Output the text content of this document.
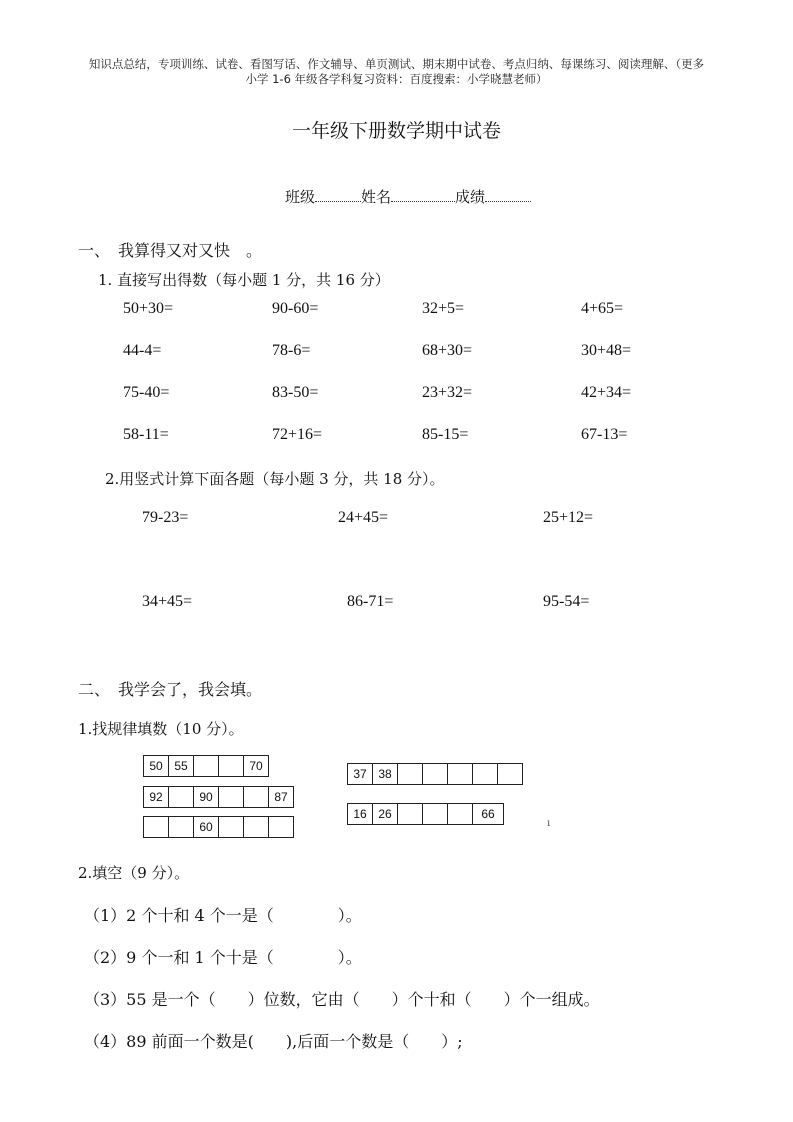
知识点总结，专项训练、试卷、看图写话、作文辅导、单页测试、期末期中试卷、考点归纳、每课练习、阅读理解、（更多
小学 1-6 年级各学科复习资料：百度搜索：小学晓慧老师）
一年级下册数学期中试卷
班级	姓名	成绩
一、　我算得又对又快　。
1. 直接写出得数（每小题 1 分，共 16 分）
50+30=	90-60=	32+5=	4+65=
44-4=	78-6=	68+30=	30+48=
75-40=	83-50=	23+32=	42+34=
58-11=	72+16=	85-15=	67-13=
2.用竖式计算下面各题（每小题 3 分，共 18 分）。
79-23=	24+45=	25+12=
34+45=	86-71=	95-54=
二、　我学会了，我会填。
1.找规律填数（10 分）。
50	55			70
92		90			87
		60			
37	38					
16	26				66
ı
2.填空（9 分）。
（1）2 个十和 4 个一是（　　　　）。
（2）9 个一和 1 个十是（　　　　）。
（3）55 是一个（　　）位数，它由（　　）个十和（　　）个一组成。
（4）89 前面一个数是(　　),后面一个数是（　　）;
